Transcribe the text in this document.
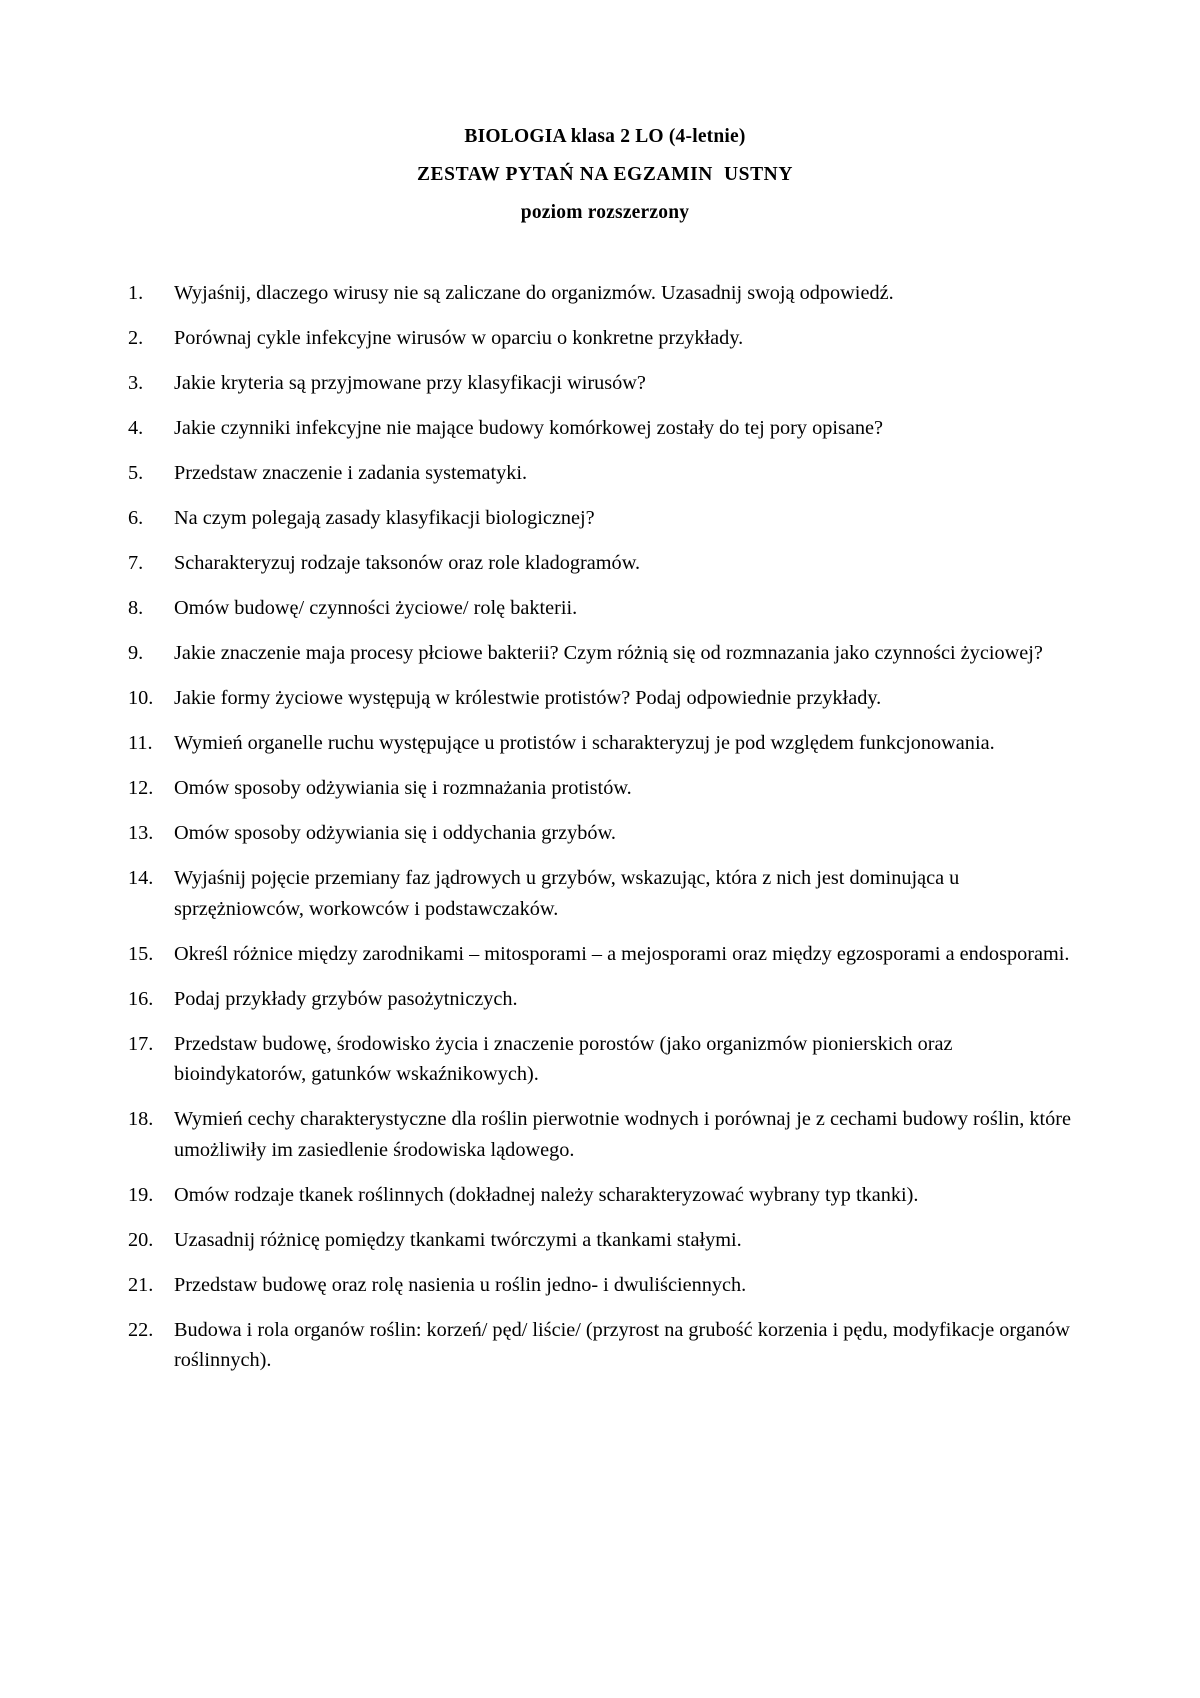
BIOLOGIA klasa 2 LO (4-letnie)
ZESTAW PYTAŃ NA EGZAMIN  USTNY
poziom rozszerzony
Wyjaśnij, dlaczego wirusy nie są zaliczane do organizmów. Uzasadnij swoją odpowiedź.
Porównaj cykle infekcyjne wirusów w oparciu o konkretne przykłady.
Jakie kryteria są przyjmowane przy klasyfikacji wirusów?
Jakie czynniki infekcyjne nie mające budowy komórkowej zostały do tej pory opisane?
Przedstaw znaczenie i zadania systematyki.
Na czym polegają zasady klasyfikacji biologicznej?
Scharakteryzuj rodzaje taksonów oraz role kladogramów.
Omów budowę/ czynności życiowe/ rolę bakterii.
Jakie znaczenie maja procesy płciowe bakterii? Czym różnią się od rozmnazania jako czynności życiowej?
Jakie formy życiowe występują w królestwie protistów? Podaj odpowiednie przykłady.
Wymień organelle ruchu występujące u protistów i scharakteryzuj je pod względem funkcjonowania.
Omów sposoby odżywiania się i rozmnażania protistów.
Omów sposoby odżywiania się i oddychania grzybów.
Wyjaśnij pojęcie przemiany faz jądrowych u grzybów, wskazując, która z nich jest dominująca u sprzężniowców, workowców i podstawczaków.
Określ różnice między zarodnikami – mitosporami – a mejosporami oraz między egzosporami a endosporami.
Podaj przykłady grzybów pasożytniczych.
Przedstaw budowę, środowisko życia i znaczenie porostów (jako organizmów pionierskich oraz bioindykatorów, gatunków wskaźnikowych).
Wymień cechy charakterystyczne dla roślin pierwotnie wodnych i porównaj je z cechami budowy roślin, które umożliwiły im zasiedlenie środowiska lądowego.
Omów rodzaje tkanek roślinnych (dokładnej należy scharakteryzować wybrany typ tkanki).
Uzasadnij różnicę pomiędzy tkankami twórczymi a tkankami stałymi.
Przedstaw budowę oraz rolę nasienia u roślin jedno- i dwuliściennych.
Budowa i rola organów roślin: korzeń/ pęd/ liście/ (przyrost na grubość korzenia i pędu, modyfikacje organów roślinnych).
